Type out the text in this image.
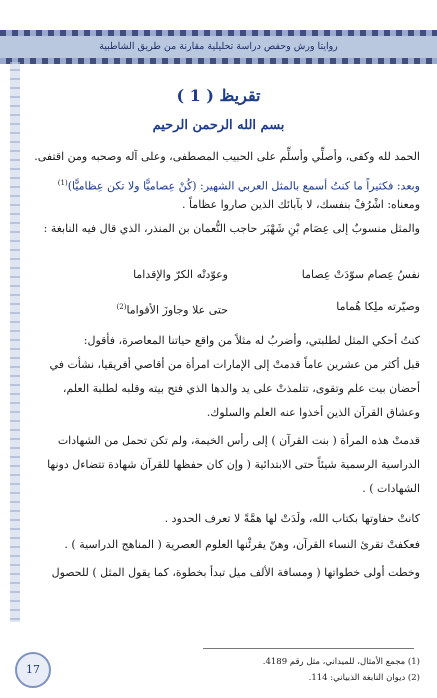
روايتا ورش وحفص دراسة تحليلية مقارنة من طريق الشاطبية
تقريظ ( 1 )
بسم الله الرحمن الرحيم
الحمد لله وكفى، وأصلِّي وأسلِّم على الحبيب المصطفى، وعلى آله وصحبه ومن اقتفى.
وبعد: فكثيراً ما كنتُ أسمع بالمثل العربي الشهير: (كُنْ عِصاميًّا ولا تكن عِظاميًّا)$^{(1)}$
ومعناه: اشْرُفْ بنفسك، لا بآبائك الذين صاروا عظاماً .
والمثل منسوبٌ إلى عِصَام بْنِ شَهْبَر حاجب النُّعمان بن المنذر، الذي قال فيه النابغة :
نفسُ عِصام سوّدَتْ عِصاما
وعوّدتْه الكرّ والإقداما
وصيّرته ملِكا هُماما
حتى علا وجاوزَ الأقواما$^{(2)}$
كنتُ أحكي المثل لطلبتي، وأضربُ له مثلاً من واقع حياتنا المعاصرة، فأقول:
قبل أكثر من عشرين عاماً قدمتْ إلى الإمارات امرأة من أقاصي أفريقيا، نشأت في
أحضان بيت علم وتقوى، تتلمذتْ على يد والدها الذي فتح بيته وقلبه لطلبة العلم،
وعشاق القرآن الذين أخذوا عنه العلم والسلوك.
قدمتْ هذه المرأة ( بنت القرآن ) إلى رأس الخيمة، ولم تكن تحمل من الشهادات
الدراسية الرسمية شيئاً حتى الابتدائية ( وإن كان حفظها للقرآن شهادة تتضاءل دونها
الشهادات ) .
كانتْ حفاوتها بكتاب الله، ولَدَتْ لها همَّةً لا تعرف الحدود .
فعكفتْ تقرئ النساء القرآن، وهنّ يقرئْنها العلوم العصرية ( المناهج الدراسية ) .
وخطت أولى خطواتها ( ومسافة الألف ميل تبدأ بخطوة، كما يقول المثل ) للحصول
(1) مجمع الأمثال، للميداني، مثل رقم 4189.
(2) ديوان النابغة الذبياني: 114.
17
